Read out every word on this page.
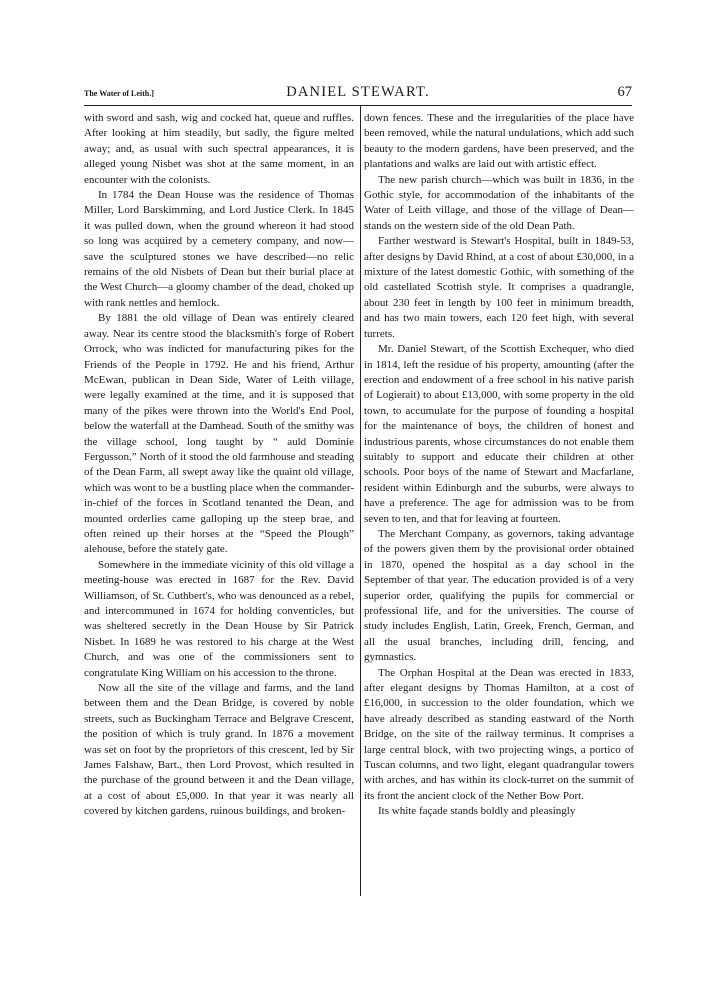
The Water of Leith.]	DANIEL STEWART.	67

with sword and sash, wig and cocked hat, queue and ruffles. After looking at him steadily, but sadly, the figure melted away; and, as usual with such spectral appearances, it is alleged young Nisbet was shot at the same moment, in an encounter with the colonists.

In 1784 the Dean House was the residence of Thomas Miller, Lord Barskimming, and Lord Justice Clerk. In 1845 it was pulled down, when the ground whereon it had stood so long was acquired by a cemetery company, and now—save the sculptured stones we have described—no relic remains of the old Nisbets of Dean but their burial place at the West Church—a gloomy chamber of the dead, choked up with rank nettles and hemlock.

By 1881 the old village of Dean was entirely cleared away. Near its centre stood the blacksmith's forge of Robert Orrock, who was indicted for manufacturing pikes for the Friends of the People in 1792. He and his friend, Arthur McEwan, publican in Dean Side, Water of Leith village, were legally examined at the time, and it is supposed that many of the pikes were thrown into the World's End Pool, below the waterfall at the Damhead. South of the smithy was the village school, long taught by “ auld Dominie Fergusson.” North of it stood the old farmhouse and steading of the Dean Farm, all swept away like the quaint old village, which was wont to be a bustling place when the commander-in-chief of the forces in Scotland tenanted the Dean, and mounted orderlies came galloping up the steep brae, and often reined up their horses at the “Speed the Plough” alehouse, before the stately gate.

Somewhere in the immediate vicinity of this old village a meeting-house was erected in 1687 for the Rev. David Williamson, of St. Cuthbert's, who was denounced as a rebel, and intercommuned in 1674 for holding conventicles, but was sheltered secretly in the Dean House by Sir Patrick Nisbet. In 1689 he was restored to his charge at the West Church, and was one of the commissioners sent to congratulate King William on his accession to the throne.

Now all the site of the village and farms, and the land between them and the Dean Bridge, is covered by noble streets, such as Buckingham Terrace and Belgrave Crescent, the position of which is truly grand. In 1876 a movement was set on foot by the proprietors of this crescent, led by Sir James Falshaw, Bart., then Lord Provost, which resulted in the purchase of the ground between it and the Dean village, at a cost of about £5,000. In that year it was nearly all covered by kitchen gardens, ruinous buildings, and broken-

down fences. These and the irregularities of the place have been removed, while the natural undulations, which add such beauty to the modern gardens, have been preserved, and the plantations and walks are laid out with artistic effect.

The new parish church—which was built in 1836, in the Gothic style, for accommodation of the inhabitants of the Water of Leith village, and those of the village of Dean—stands on the western side of the old Dean Path.

Farther westward is Stewart's Hospital, built in 1849-53, after designs by David Rhind, at a cost of about £30,000, in a mixture of the latest domestic Gothic, with something of the old castellated Scottish style. It comprises a quadrangle, about 230 feet in length by 100 feet in minimum breadth, and has two main towers, each 120 feet high, with several turrets.

Mr. Daniel Stewart, of the Scottish Exchequer, who died in 1814, left the residue of his property, amounting (after the erection and endowment of a free school in his native parish of Logierait) to about £13,000, with some property in the old town, to accumulate for the purpose of founding a hospital for the maintenance of boys, the children of honest and industrious parents, whose circumstances do not enable them suitably to support and educate their children at other schools. Poor boys of the name of Stewart and Macfarlane, resident within Edinburgh and the suburbs, were always to have a preference. The age for admission was to be from seven to ten, and that for leaving at fourteen.

The Merchant Company, as governors, taking advantage of the powers given them by the provisional order obtained in 1870, opened the hospital as a day school in the September of that year. The education provided is of a very superior order, qualifying the pupils for commercial or professional life, and for the universities. The course of study includes English, Latin, Greek, French, German, and all the usual branches, including drill, fencing, and gymnastics.

The Orphan Hospital at the Dean was erected in 1833, after elegant designs by Thomas Hamilton, at a cost of £16,000, in succession to the older foundation, which we have already described as standing eastward of the North Bridge, on the site of the railway terminus. It comprises a large central block, with two projecting wings, a portico of Tuscan columns, and two light, elegant quadrangular towers with arches, and has within its clock-turret on the summit of its front the ancient clock of the Nether Bow Port.

Its white façade stands boldly and pleasingly
